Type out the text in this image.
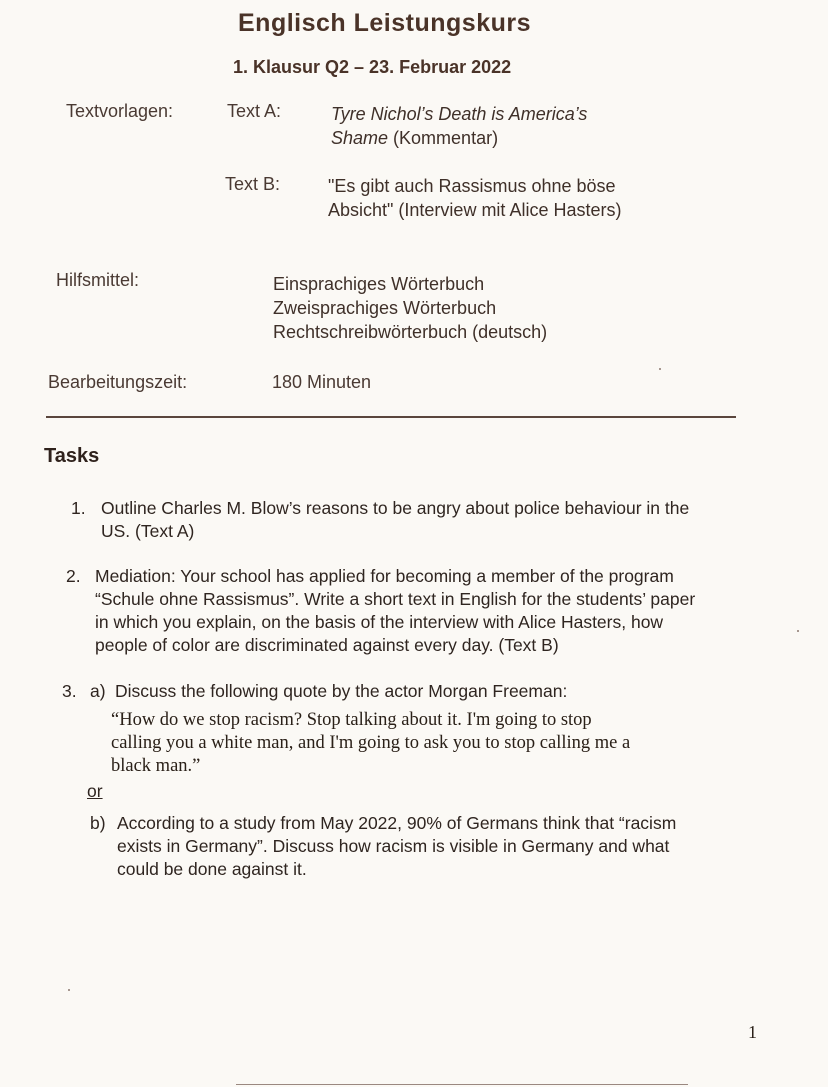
Englisch Leistungskurs
1. Klausur Q2 – 23. Februar 2022
Textvorlagen:	Text A:	Tyre Nichol’s Death is America’s
Shame (Kommentar)
Text B:	"Es gibt auch Rassismus ohne böse
Absicht" (Interview mit Alice Hasters)
Hilfsmittel:	Einsprachiges Wörterbuch
Zweisprachiges Wörterbuch
Rechtschreibwörterbuch (deutsch)
Bearbeitungszeit:	180 Minuten
Tasks
1. Outline Charles M. Blow’s reasons to be angry about police behaviour in the
US. (Text A)
2. Mediation: Your school has applied for becoming a member of the program
“Schule ohne Rassismus”. Write a short text in English for the students’ paper
in which you explain, on the basis of the interview with Alice Hasters, how
people of color are discriminated against every day. (Text B)
3. a) Discuss the following quote by the actor Morgan Freeman:
“How do we stop racism? Stop talking about it. I'm going to stop
calling you a white man, and I'm going to ask you to stop calling me a
black man.”
or
b) According to a study from May 2022, 90% of Germans think that “racism
exists in Germany”. Discuss how racism is visible in Germany and what
could be done against it.
1
